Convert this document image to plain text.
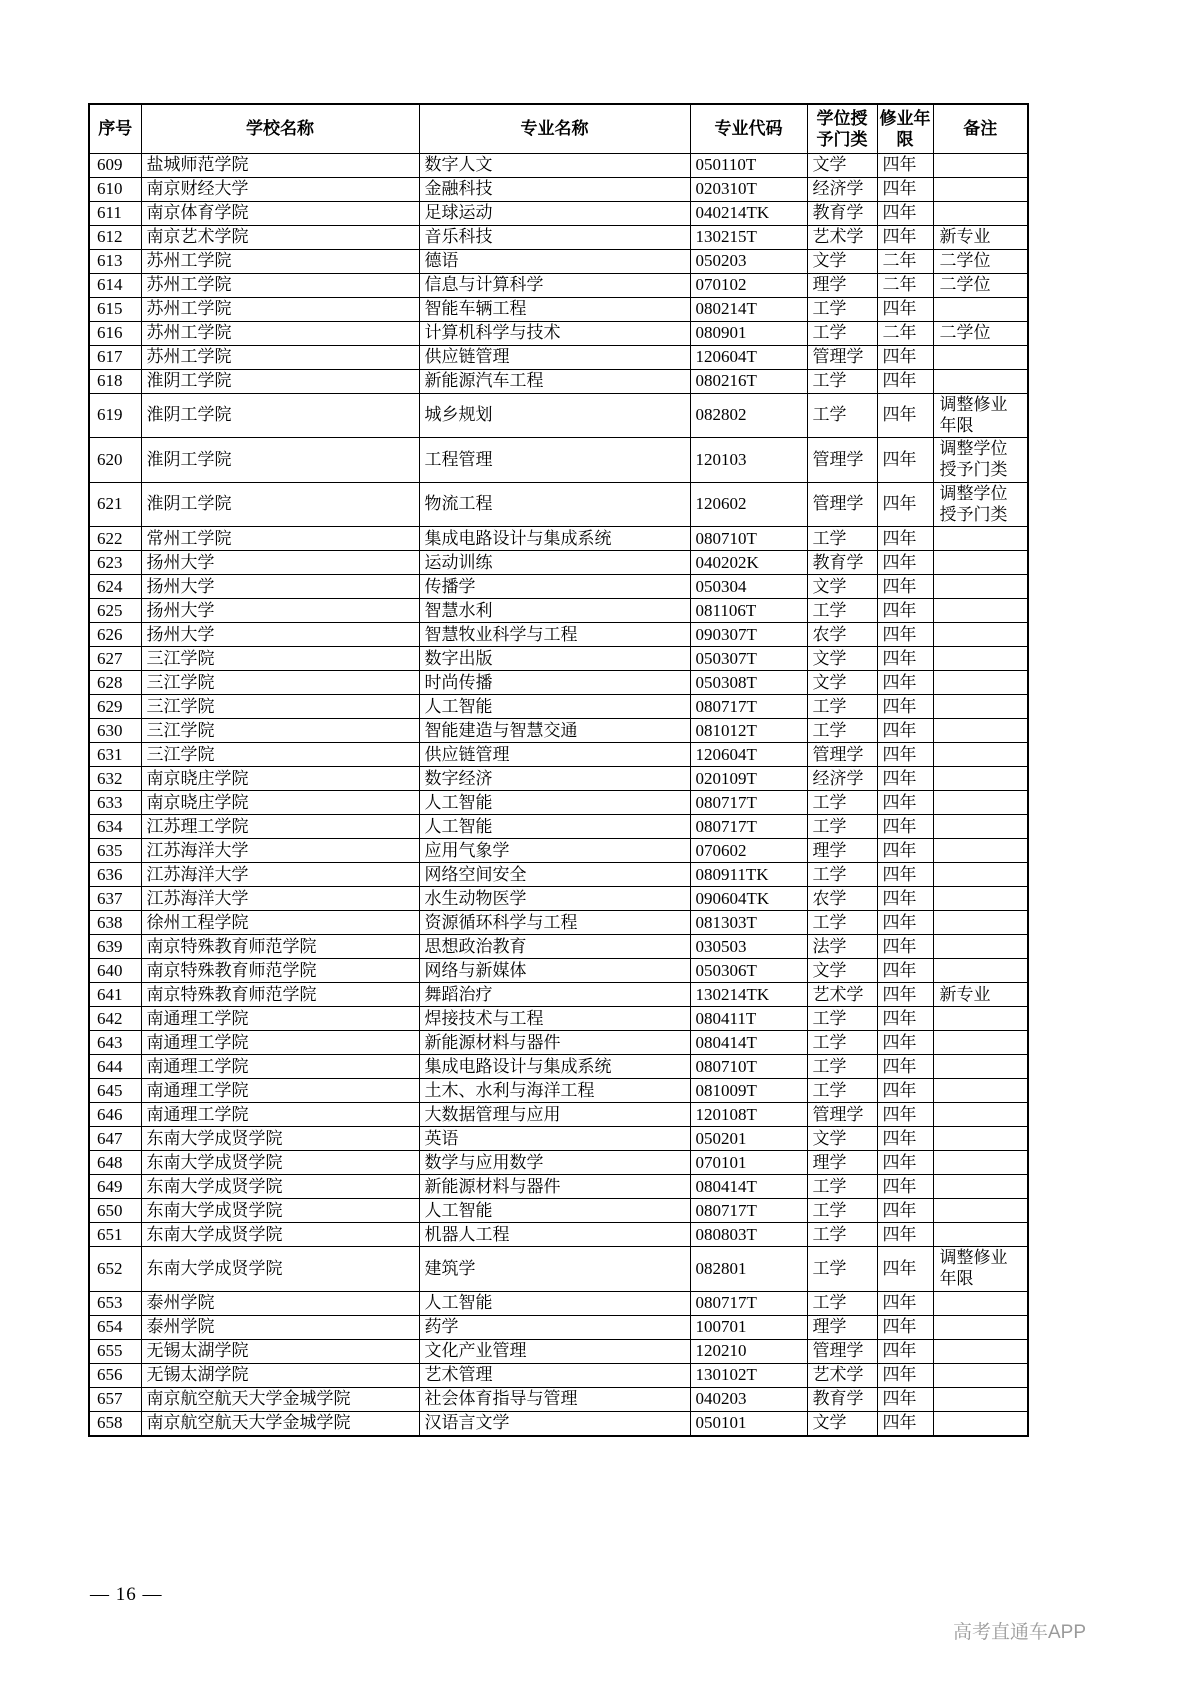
序号	学校名称	专业名称	专业代码	学位授予门类	修业年限	备注
609	盐城师范学院	数字人文	050110T	文学	四年	
610	南京财经大学	金融科技	020310T	经济学	四年	
611	南京体育学院	足球运动	040214TK	教育学	四年	
612	南京艺术学院	音乐科技	130215T	艺术学	四年	新专业
613	苏州工学院	德语	050203	文学	二年	二学位
614	苏州工学院	信息与计算科学	070102	理学	二年	二学位
615	苏州工学院	智能车辆工程	080214T	工学	四年	
616	苏州工学院	计算机科学与技术	080901	工学	二年	二学位
617	苏州工学院	供应链管理	120604T	管理学	四年	
618	淮阴工学院	新能源汽车工程	080216T	工学	四年	
619	淮阴工学院	城乡规划	082802	工学	四年	调整修业年限
620	淮阴工学院	工程管理	120103	管理学	四年	调整学位授予门类
621	淮阴工学院	物流工程	120602	管理学	四年	调整学位授予门类
622	常州工学院	集成电路设计与集成系统	080710T	工学	四年	
623	扬州大学	运动训练	040202K	教育学	四年	
624	扬州大学	传播学	050304	文学	四年	
625	扬州大学	智慧水利	081106T	工学	四年	
626	扬州大学	智慧牧业科学与工程	090307T	农学	四年	
627	三江学院	数字出版	050307T	文学	四年	
628	三江学院	时尚传播	050308T	文学	四年	
629	三江学院	人工智能	080717T	工学	四年	
630	三江学院	智能建造与智慧交通	081012T	工学	四年	
631	三江学院	供应链管理	120604T	管理学	四年	
632	南京晓庄学院	数字经济	020109T	经济学	四年	
633	南京晓庄学院	人工智能	080717T	工学	四年	
634	江苏理工学院	人工智能	080717T	工学	四年	
635	江苏海洋大学	应用气象学	070602	理学	四年	
636	江苏海洋大学	网络空间安全	080911TK	工学	四年	
637	江苏海洋大学	水生动物医学	090604TK	农学	四年	
638	徐州工程学院	资源循环科学与工程	081303T	工学	四年	
639	南京特殊教育师范学院	思想政治教育	030503	法学	四年	
640	南京特殊教育师范学院	网络与新媒体	050306T	文学	四年	
641	南京特殊教育师范学院	舞蹈治疗	130214TK	艺术学	四年	新专业
642	南通理工学院	焊接技术与工程	080411T	工学	四年	
643	南通理工学院	新能源材料与器件	080414T	工学	四年	
644	南通理工学院	集成电路设计与集成系统	080710T	工学	四年	
645	南通理工学院	土木、水利与海洋工程	081009T	工学	四年	
646	南通理工学院	大数据管理与应用	120108T	管理学	四年	
647	东南大学成贤学院	英语	050201	文学	四年	
648	东南大学成贤学院	数学与应用数学	070101	理学	四年	
649	东南大学成贤学院	新能源材料与器件	080414T	工学	四年	
650	东南大学成贤学院	人工智能	080717T	工学	四年	
651	东南大学成贤学院	机器人工程	080803T	工学	四年	
652	东南大学成贤学院	建筑学	082801	工学	四年	调整修业年限
653	泰州学院	人工智能	080717T	工学	四年	
654	泰州学院	药学	100701	理学	四年	
655	无锡太湖学院	文化产业管理	120210	管理学	四年	
656	无锡太湖学院	艺术管理	130102T	艺术学	四年	
657	南京航空航天大学金城学院	社会体育指导与管理	040203	教育学	四年	
658	南京航空航天大学金城学院	汉语言文学	050101	文学	四年	
— 16 —
高考直通车APP
